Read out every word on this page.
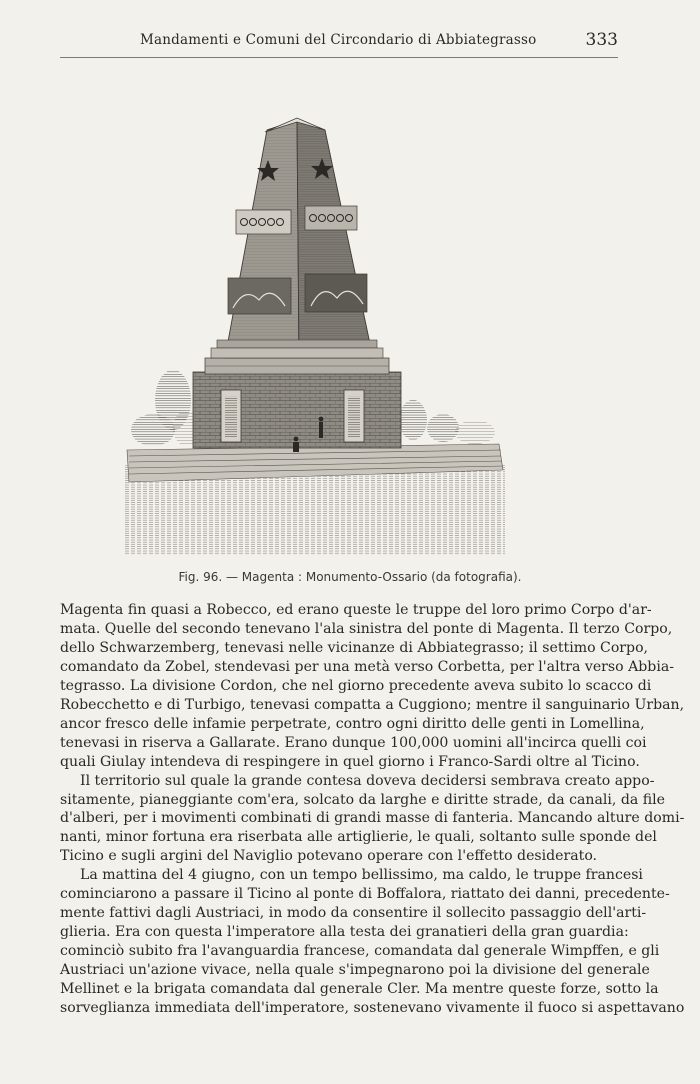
Mandamenti e Comuni del Circondario di Abbiategrasso	333
Fig. 96. — Magenta : Monumento-Ossario (da fotografia).

Magenta fin quasi a Robecco, ed erano queste le truppe del loro primo Corpo d'ar-
mata. Quelle del secondo tenevano l'ala sinistra del ponte di Magenta. Il terzo Corpo,
dello Schwarzemberg, tenevasi nelle vicinanze di Abbiategrasso; il settimo Corpo,
comandato da Zobel, stendevasi per una metà verso Corbetta, per l'altra verso Abbia-
tegrasso. La divisione Cordon, che nel giorno precedente aveva subito lo scacco di
Robecchetto e di Turbigo, tenevasi compatta a Cuggiono; mentre il sanguinario Urban,
ancor fresco delle infamie perpetrate, contro ogni diritto delle genti in Lomellina,
tenevasi in riserva a Gallarate. Erano dunque 100,000 uomini all'incirca quelli coi
quali Giulay intendeva di respingere in quel giorno i Franco-Sardi oltre al Ticino.

Il territorio sul quale la grande contesa doveva decidersi sembrava creato appo-
sitamente, pianeggiante com'era, solcato da larghe e diritte strade, da canali, da file
d'alberi, per i movimenti combinati di grandi masse di fanteria. Mancando alture domi-
nanti, minor fortuna era riserbata alle artiglierie, le quali, soltanto sulle sponde del
Ticino e sugli argini del Naviglio potevano operare con l'effetto desiderato.

La mattina del 4 giugno, con un tempo bellissimo, ma caldo, le truppe francesi
cominciarono a passare il Ticino al ponte di Boffalora, riattato dei danni, precedente-
mente fattivi dagli Austriaci, in modo da consentire il sollecito passaggio dell'arti-
glieria. Era con questa l'imperatore alla testa dei granatieri della gran guardia:
cominciò subito fra l'avanguardia francese, comandata dal generale Wimpffen, e gli
Austriaci un'azione vivace, nella quale s'impegnarono poi la divisione del generale
Mellinet e la brigata comandata dal generale Cler. Ma mentre queste forze, sotto la
sorveglianza immediata dell'imperatore, sostenevano vivamente il fuoco si aspettavano
